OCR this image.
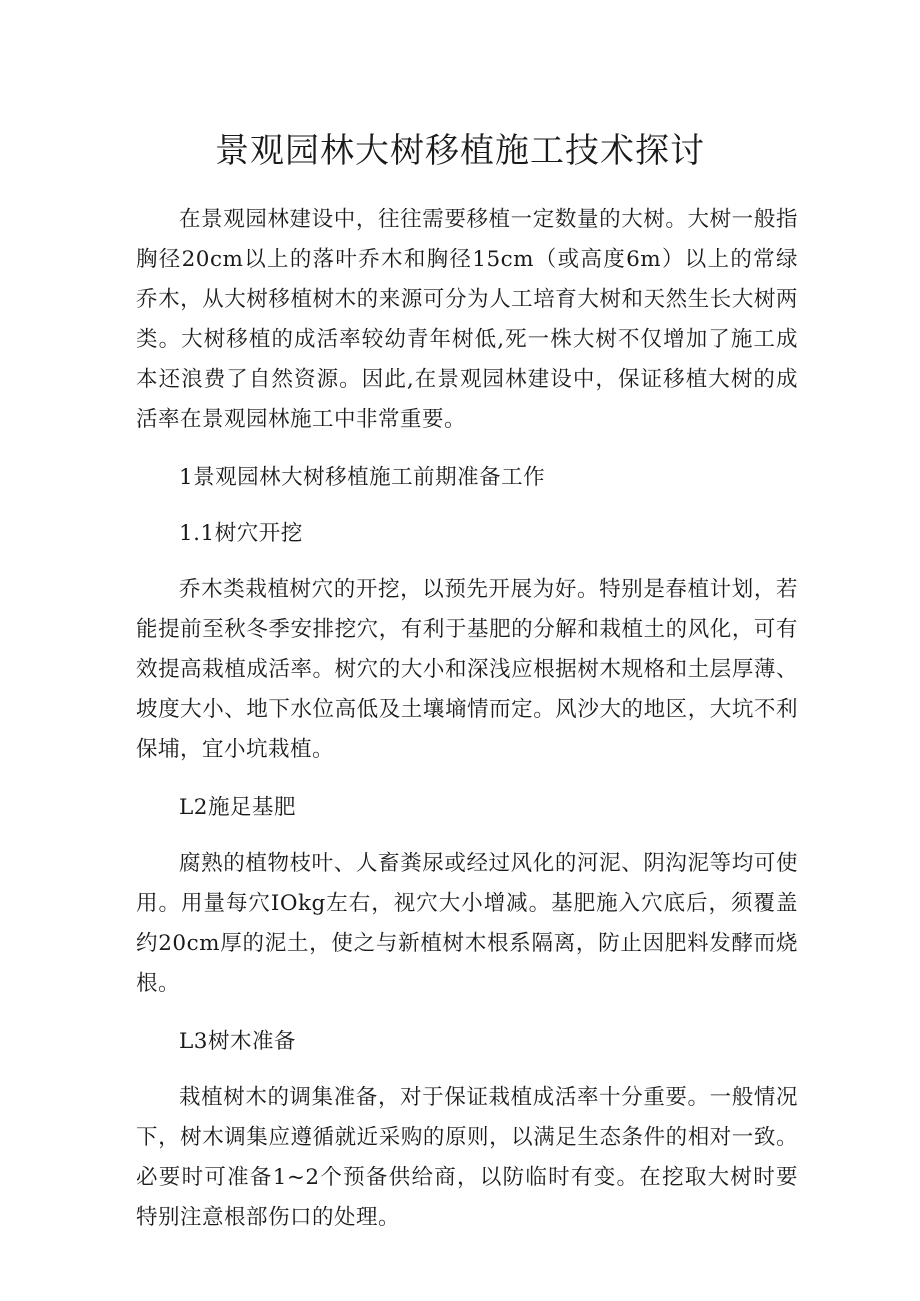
景观园林大树移植施工技术探讨

在景观园林建设中，往往需要移植一定数量的大树。大树一般指胸径20cm以上的落叶乔木和胸径15cm（或高度6m）以上的常绿乔木，从大树移植树木的来源可分为人工培育大树和天然生长大树两类。大树移植的成活率较幼青年树低,死一株大树不仅增加了施工成本还浪费了自然资源。因此,在景观园林建设中，保证移植大树的成活率在景观园林施工中非常重要。

1景观园林大树移植施工前期准备工作

1.1树穴开挖

乔木类栽植树穴的开挖，以预先开展为好。特别是春植计划，若能提前至秋冬季安排挖穴，有利于基肥的分解和栽植土的风化，可有效提高栽植成活率。树穴的大小和深浅应根据树木规格和土层厚薄、坡度大小、地下水位高低及土壤墒情而定。风沙大的地区，大坑不利保埔，宜小坑栽植。

L2施足基肥

腐熟的植物枝叶、人畜粪尿或经过风化的河泥、阴沟泥等均可使用。用量每穴IOkg左右，视穴大小增减。基肥施入穴底后，须覆盖约20cm厚的泥土，使之与新植树木根系隔离，防止因肥料发酵而烧根。

L3树木准备

栽植树木的调集准备，对于保证栽植成活率十分重要。一般情况下，树木调集应遵循就近采购的原则，以满足生态条件的相对一致。必要时可准备1~2个预备供给商，以防临时有变。在挖取大树时要特别注意根部伤口的处理。
